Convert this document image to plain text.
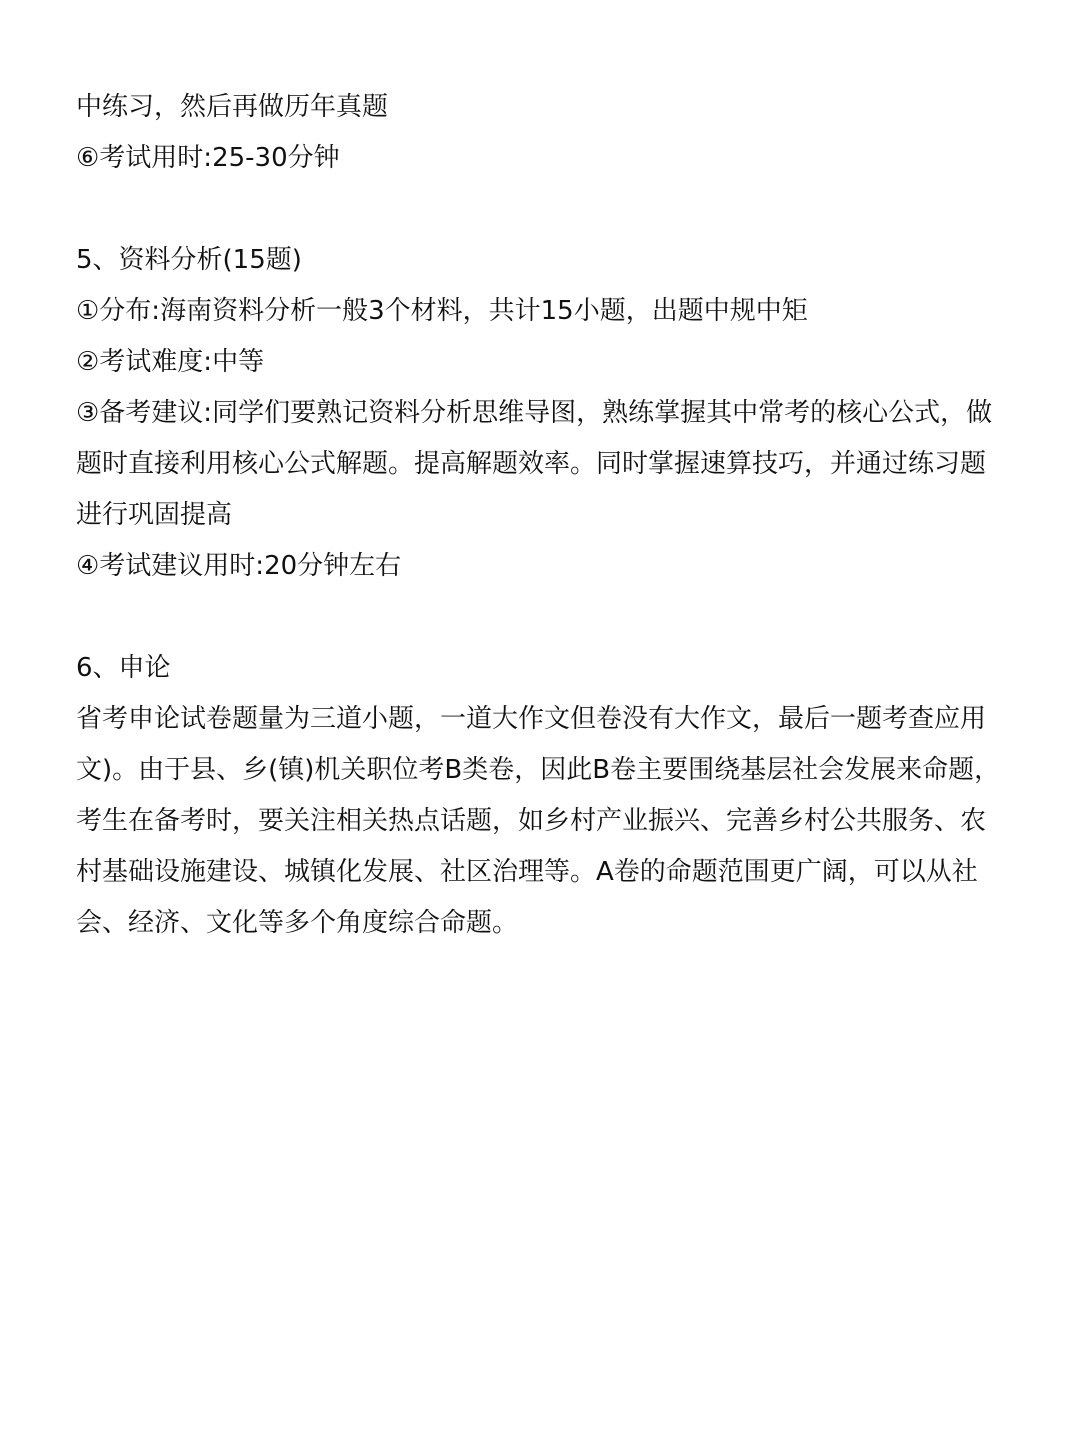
中练习，然后再做历年真题
⑥考试用时:25-30分钟
5、资料分析(15题)
①分布:海南资料分析一般3个材料，共计15小题，出题中规中矩
②考试难度:中等
③备考建议:同学们要熟记资料分析思维导图，熟练掌握其中常考的核心公式，做
题时直接利用核心公式解题。提高解题效率。同时掌握速算技巧，并通过练习题
进行巩固提高
④考试建议用时:20分钟左右
6、申论
省考申论试卷题量为三道小题，一道大作文但卷没有大作文，最后一题考查应用
文)。由于县、乡(镇)机关职位考B类卷，因此B卷主要围绕基层社会发展来命题，
考生在备考时，要关注相关热点话题，如乡村产业振兴、完善乡村公共服务、农
村基础设施建设、城镇化发展、社区治理等。A卷的命题范围更广阔，可以从社
会、经济、文化等多个角度综合命题。
